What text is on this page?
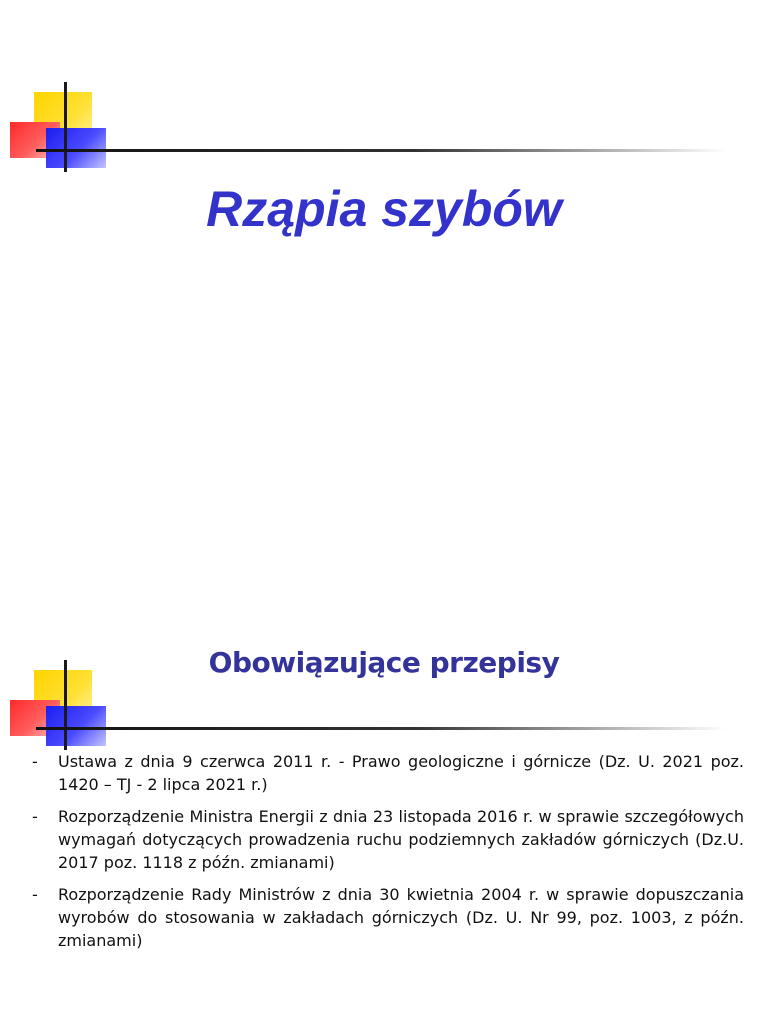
Rząpia szybów
Obowiązujące przepisy
- Ustawa z dnia 9 czerwca 2011 r. - Prawo geologiczne i górnicze (Dz. U. 2021 poz. 1420 – TJ - 2 lipca 2021 r.)
- Rozporządzenie Ministra Energii z dnia 23 listopada 2016 r. w sprawie szczegółowych wymagań dotyczących prowadzenia ruchu podziemnych zakładów górniczych (Dz.U. 2017 poz. 1118 z późn. zmianami)
- Rozporządzenie Rady Ministrów z dnia 30 kwietnia 2004 r. w sprawie dopuszczania wyrobów do stosowania w zakładach górniczych (Dz. U. Nr 99, poz. 1003, z późn. zmianami)
